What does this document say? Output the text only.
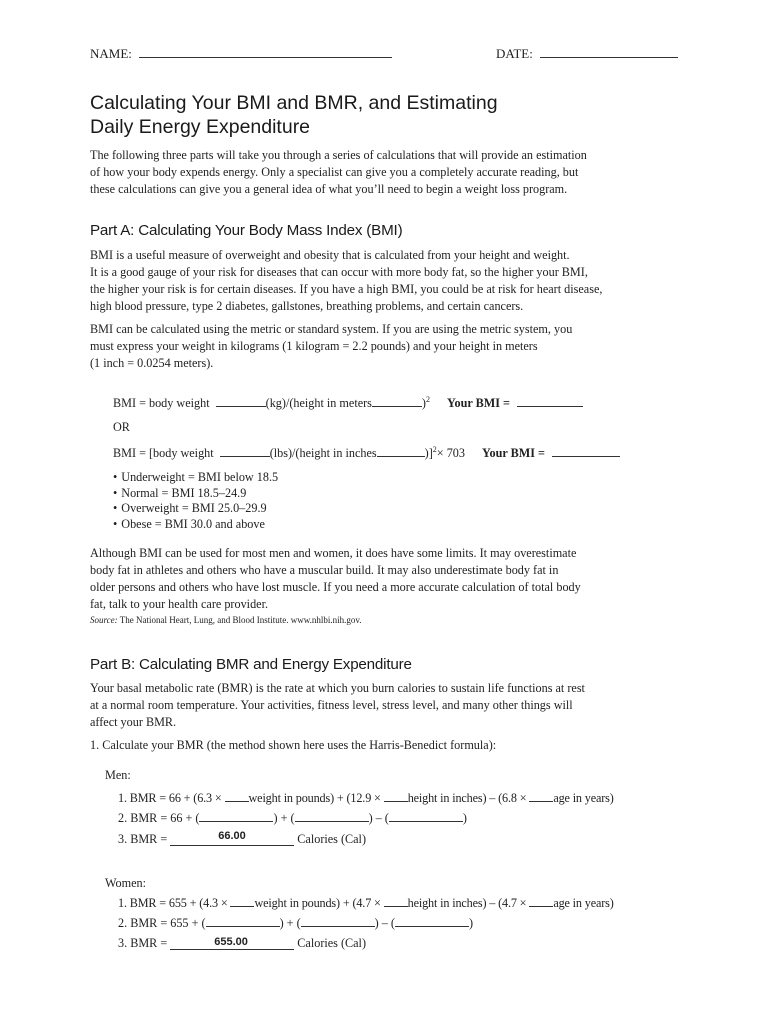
NAME:	DATE:
Calculating Your BMI and BMR, and Estimating
Daily Energy Expenditure

The following three parts will take you through a series of calculations that will provide an estimation

of how your body expends energy. Only a specialist can give you a completely accurate reading, but

these calculations can give you a general idea of what you’ll need to begin a weight loss program.

Part A: Calculating Your Body Mass Index (BMI)

BMI is a useful measure of overweight and obesity that is calculated from your height and weight.

It is a good gauge of your risk for diseases that can occur with more body fat, so the higher your BMI,

the higher your risk is for certain diseases. If you have a high BMI, you could be at risk for heart disease,

high blood pressure, type 2 diabetes, gallstones, breathing problems, and certain cancers.

BMI can be calculated using the metric or standard system. If you are using the metric system, you

must express your weight in kilograms (1 kilogram = 2.2 pounds) and your height in meters

(1 inch = 0.0254 meters).

BMI = body weight	(kg)/(height in meters	)$^2$ Your BMI =
OR
BMI = [body weight	(lbs)/(height in inches	)]$^2$× 703 Your BMI =
• Underweight = BMI below 18.5
• Normal = BMI 18.5–24.9
• Overweight = BMI 25.0–29.9
• Obese = BMI 30.0 and above

Although BMI can be used for most men and women, it does have some limits. It may overestimate

body fat in athletes and others who have a muscular build. It may also underestimate body fat in

older persons and others who have lost muscle. If you need a more accurate calculation of total body

fat, talk to your health care provider.

Source: The National Heart, Lung, and Blood Institute. www.nhlbi.nih.gov.
Part B: Calculating BMR and Energy Expenditure

Your basal metabolic rate (BMR) is the rate at which you burn calories to sustain life functions at rest

at a normal room temperature. Your activities, fitness level, stress level, and many other things will

affect your BMR.

1. Calculate your BMR (the method shown here uses the Harris-Benedict formula):
Men:
1. BMR = 66 + (6.3 × weight in pounds) + (12.9 × height in inches) – (6.8 × age in years)
2. BMR = 66 + (	) + (	) – (	)
3. BMR =	66.00	Calories (Cal)
Women:
1. BMR = 655 + (4.3 × weight in pounds) + (4.7 × height in inches) – (4.7 × age in years)
2. BMR = 655 + (	) + (	) – (	)
3. BMR =	655.00	Calories (Cal)
